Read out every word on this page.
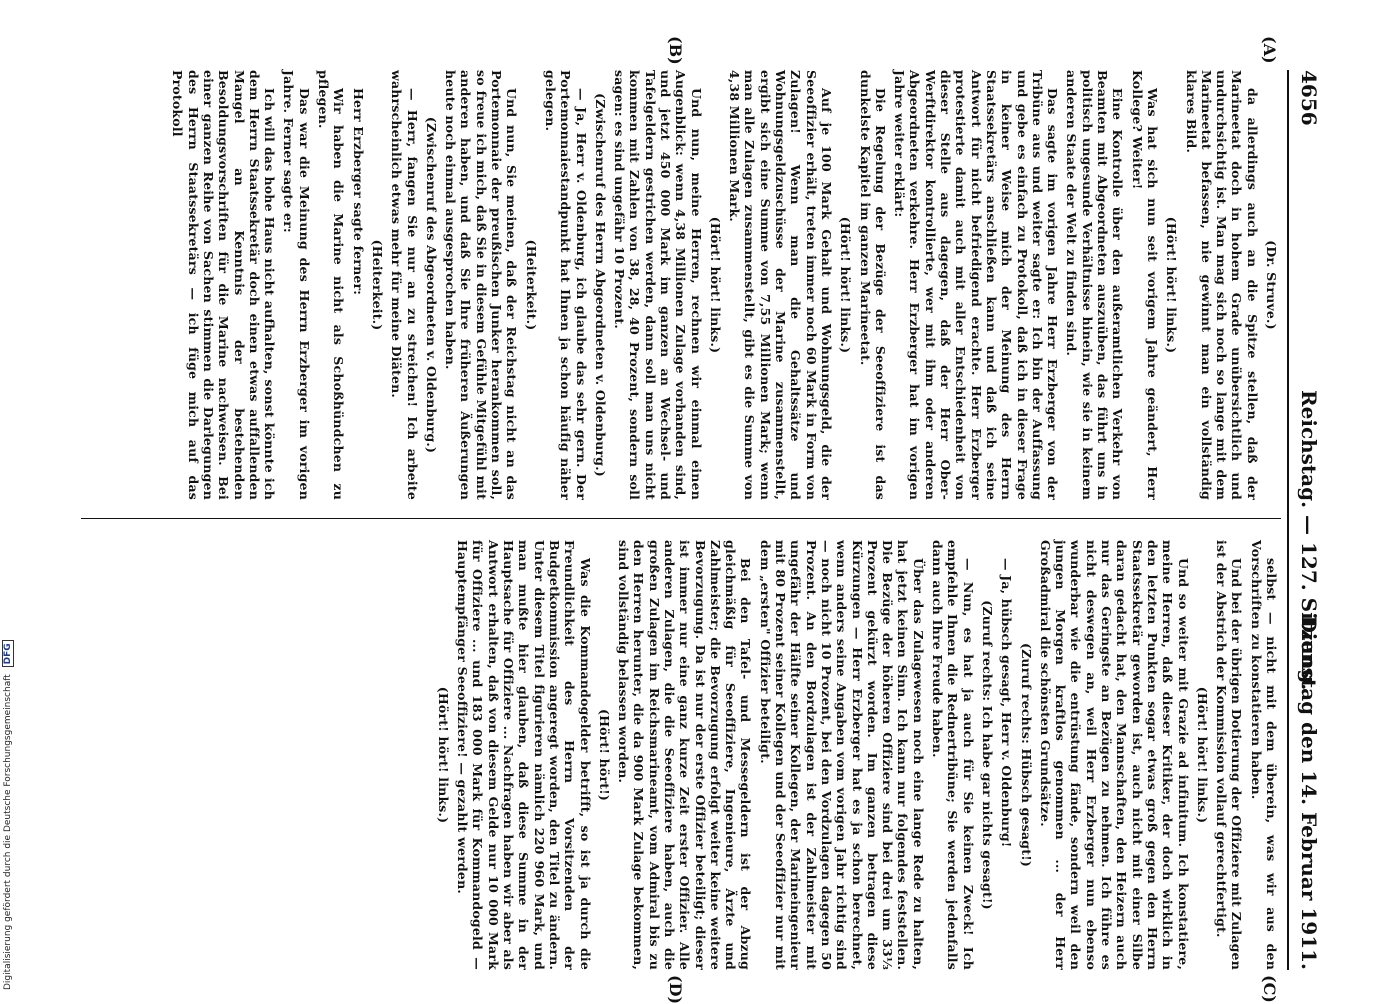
4656
Reichstag. — 127. Sitzung.
Dienstag den 14. Februar 1911.

(Dr. Struve.)

da allerdings auch an die Spitze stellen, daß der Marineetat doch in hohem Grade unübersichtlich und undurchsichtig ist. Man mag sich noch so lange mit dem Marineetat befassen, nie gewinnt man ein vollständig klares Bild.

(Hört! hört! links.)

Was hat sich nun seit vorigem Jahre geändert, Herr Kollege? Weiter!

Eine Kontrolle über den außeramtlichen Verkehr von Beamten mit Abgeordneten auszuüben, das führt uns in politisch ungesunde Verhältnisse hinein, wie sie in keinem anderen Staate der Welt zu finden sind.

Das sagte im vorigen Jahre Herr Erzberger von der Tribüne aus und weiter sagte er: Ich bin der Auffassung und gebe es einfach zu Protokoll, daß ich in dieser Frage in keiner Weise mich der Meinung des Herrn Staatssekretärs anschließen kann und daß ich seine Antwort für nicht befriedigend erachte. Herr Erzberger protestierte damit auch mit aller Entschiedenheit von dieser Stelle aus dagegen, daß der Herr Ober-Werftdirektor kontrollierte, wer mit ihm oder anderen Abgeordneten verkehre. Herr Erzberger hat im vorigen Jahre weiter erklärt:

Die Regelung der Bezüge der Seeoffiziere ist das dunkelste Kapitel im ganzen Marineetat.

(Hört! hört! links.)

Auf je 100 Mark Gehalt und Wohnungsgeld, die der Seeoffizier erhält, treten immer noch 60 Mark in Form von Zulagen! Wenn man die Gehaltssätze und Wohnungsgeldzuschüsse der Marine zusammenstellt, ergibt sich eine Summe von 7,55 Millionen Mark; wenn man alle Zulagen zusammenstellt, gibt es die Summe von 4,38 Millionen Mark.

(Hört! hört! links.)

Und nun, meine Herren, rechnen wir einmal einen Augenblick: wenn 4,38 Millionen Zulage vorhanden sind, und jetzt 450 000 Mark im ganzen an Wechsel- und Tafelgeldern gestrichen werden, dann soll man uns nicht kommen mit Zahlen von 38, 28, 40 Prozent, sondern soll sagen: es sind ungefähr 10 Prozent.

(Zwischenruf des Herrn Abgeordneten v. Oldenburg.)

— Ja, Herr v. Oldenburg, ich glaube das sehr gern. Der Portemonnaiestandpunkt hat Ihnen ja schon häufig näher gelegen.

(Heiterkeit.)

Und nun, Sie meinen, daß der Reichstag nicht an das Portemonnaie der preußischen Junker herankommen soll, so freue ich mich, daß Sie in diesem Gefühle Mitgefühl mit anderen haben, und daß Sie Ihre früheren Äußerungen heute noch einmal ausgesprochen haben.

(Zwischenruf des Abgeordneten v. Oldenburg.)

— Herr, fangen Sie nur an zu streichen! Ich arbeite wahrscheinlich etwas mehr für meine Diäten.

(Heiterkeit.)

Herr Erzberger sagte ferner:

Wir haben die Marine nicht als Schoßhündchen zu pflegen.

Das war die Meinung des Herrn Erzberger im vorigen Jahre. Ferner sagte er:

Ich will das hohe Haus nicht aufhalten, sonst könnte ich dem Herrn Staatssekretär doch einen etwas auffallenden Mangel an Kenntnis der bestehenden Besoldungsvorschriften für die Marine nachweisen. Bei einer ganzen Reihe von Sachen stimmen die Darlegungen des Herrn Staatssekretärs — ich füge mich auf das Protokoll

selbst — nicht mit dem überein, was wir aus den Vorschriften zu konstatieren haben.

Und bei der übrigen Dotierung der Offiziere mit Zulagen ist der Abstrich der Kommission vollauf gerechtfertigt.

(Hört! hört! links.)

Und so weiter mit Grazie ad infinitum. Ich konstatiere, meine Herren, daß dieser Kritiker, der doch wirklich in den letzten Punkten sogar etwas groß gegen den Herrn Staatssekretär geworden ist, auch nicht mit einer Silbe daran gedacht hat, den Mannschaften, den Heizern auch nur das Geringste an Bezügen zu nehmen. Ich führe es nicht deswegen an, weil Herr Erzberger nun ebenso wunderbar wie die entrüstung fände, sondern weil den jungen Morgen kraftlos genommen ... der Herr Großadmiral die schönsten Grundsätze.

(Zuruf rechts: Hübsch gesagt!)

— Ja, hübsch gesagt, Herr v. Oldenburg!

(Zuruf rechts: Ich habe gar nichts gesagt!)

— Nun, es hat ja auch für Sie keinen Zweck! Ich empfehle Ihnen die Rednertribüne; Sie werden jedenfalls dann auch Ihre Freude haben.

Über das Zulagewesen noch eine lange Rede zu halten, hat jetzt keinen Sinn. Ich kann nur folgendes feststellen. Die Bezüge der höheren Offiziere sind bei drei um 33⅓ Prozent gekürzt worden. Im ganzen betragen diese Kürzungen — Herr Erzberger hat es ja schon berechnet, wenn anders seine Angaben vom vorigen Jahr richtig sind — noch nicht 10 Prozent, bei den Vordzulagen dagegen 50 Prozent. An den Bordzulagen ist der Zahlmeister mit ungefähr der Hälfte seiner Kollegen, der Marineingenieur mit 80 Prozent seiner Kollegen und der Seeoffizier nur mit dem „ersten" Offizier beteiligt.

Bei den Tafel- und Messegeldern ist der Abzug gleichmäßig für Seeoffiziere, Ingenieure, Ärzte und Zahlmeister; die Bevorzugung erfolgt weiter keine weitere Bevorzugung. Da ist nur der erste Offizier beteiligt; dieser ist immer nur eine ganz kurze Zeit erster Offizier. Alle anderen Zulagen, die die Seeoffiziere haben, auch die großen Zulagen im Reichsmarineamt, vom Admiral bis zu den Herren herunter, die da 900 Mark Zulage bekommen, sind vollständig belassen worden.

(Hört! hört!)

Was die Kommandogelder betrifft, so ist ja durch die Freundlichkeit des Herrn Vorsitzenden der Budgetkommission angeregt worden, den Titel zu ändern. Unter diesem Titel figurieren nämlich 220 960 Mark, und man mußte hier glauben, daß diese Summe in der Hauptsache für Offiziere ... Nachfragen haben wir aber als Antwort erhalten, daß von diesem Gelde nur 10 000 Mark für Offiziere ... und 183 000 Mark für Kommandogeld — Hauptempfänger Seeoffiziere! — gezahlt werden.

(Hört! hört! links.)

(A)
(B)
(C)
(D)
Digitalisierung gefördert durch die Deutsche Forschungsgemeinschaft DFG
